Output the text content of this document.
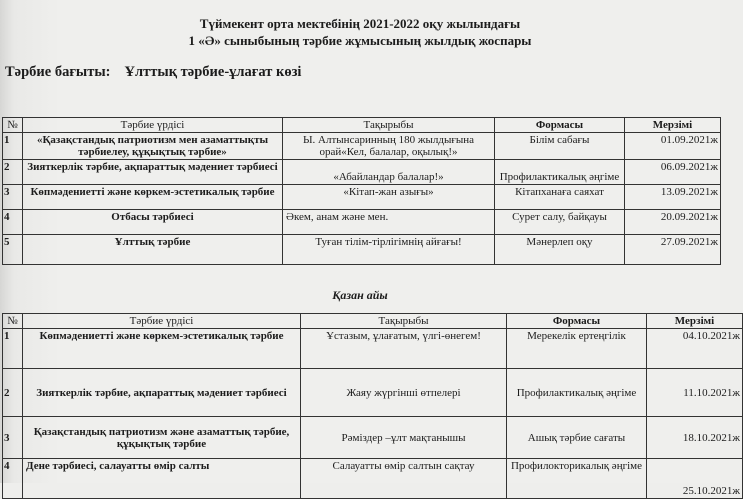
Түймекент орта мектебінің 2021-2022 оқу жылындағы
1 «Ә» сыныбының тәрбие жұмысының жылдық жоспары
Тәрбие бағыты: Ұлттық тәрбие-ұлағат көзі
№	Тәрбие үрдісі	Тақырыбы	Формасы	Мерзімі
1	«Қазақстандық патриотизм мен азаматтықты тәрбиелеу, құқықтық тәрбие»	Ы. Алтынсаринның 180 жылдығына орай«Кел, балалар, оқылық!»	Білім сабағы	01.09.2021ж
2	Зияткерлік тәрбие, ақпараттық мәдениет тәрбиесі	«Абайландар балалар!»	Профилактикалық әңгіме	06.09.2021ж
3	Көпмәдениетті және көркем-эстетикалық тәрбие	«Кітап-жан азығы»	Кітапханаға саяхат	13.09.2021ж
4	Отбасы тәрбиесі	Әкем, анам және мен.	Сурет салу, байқауы	20.09.2021ж
5	Ұлттық тәрбие	Туған тілім-тірлігімнің айғағы!	Мәнерлеп оқу	27.09.2021ж
Қазан айы
№	Тәрбие үрдісі	Тақырыбы	Формасы	Мерзімі
1	Көпмәдениетті және көркем-эстетикалық тәрбие	Ұстазым, ұлағатым, үлгі-өнегем!	Мерекелік ертеңгілік	04.10.2021ж
2	Зияткерлік тәрбие, ақпараттық мәдениет тәрбиесі	Жаяу жүргінші өтпелері	Профилактикалық әңгіме	11.10.2021ж
3	Қазақстандық патриотизм және азаматтық тәрбие, құқықтық тәрбие	Рәміздер –ұлт мақтанышы	Ашық тәрбие сағаты	18.10.2021ж
4	Дене тәрбиесі, салауатты өмір салты	Салауатты өмір салтын сақтау	Профилокторикалық әңгіме	25.10.2021ж
